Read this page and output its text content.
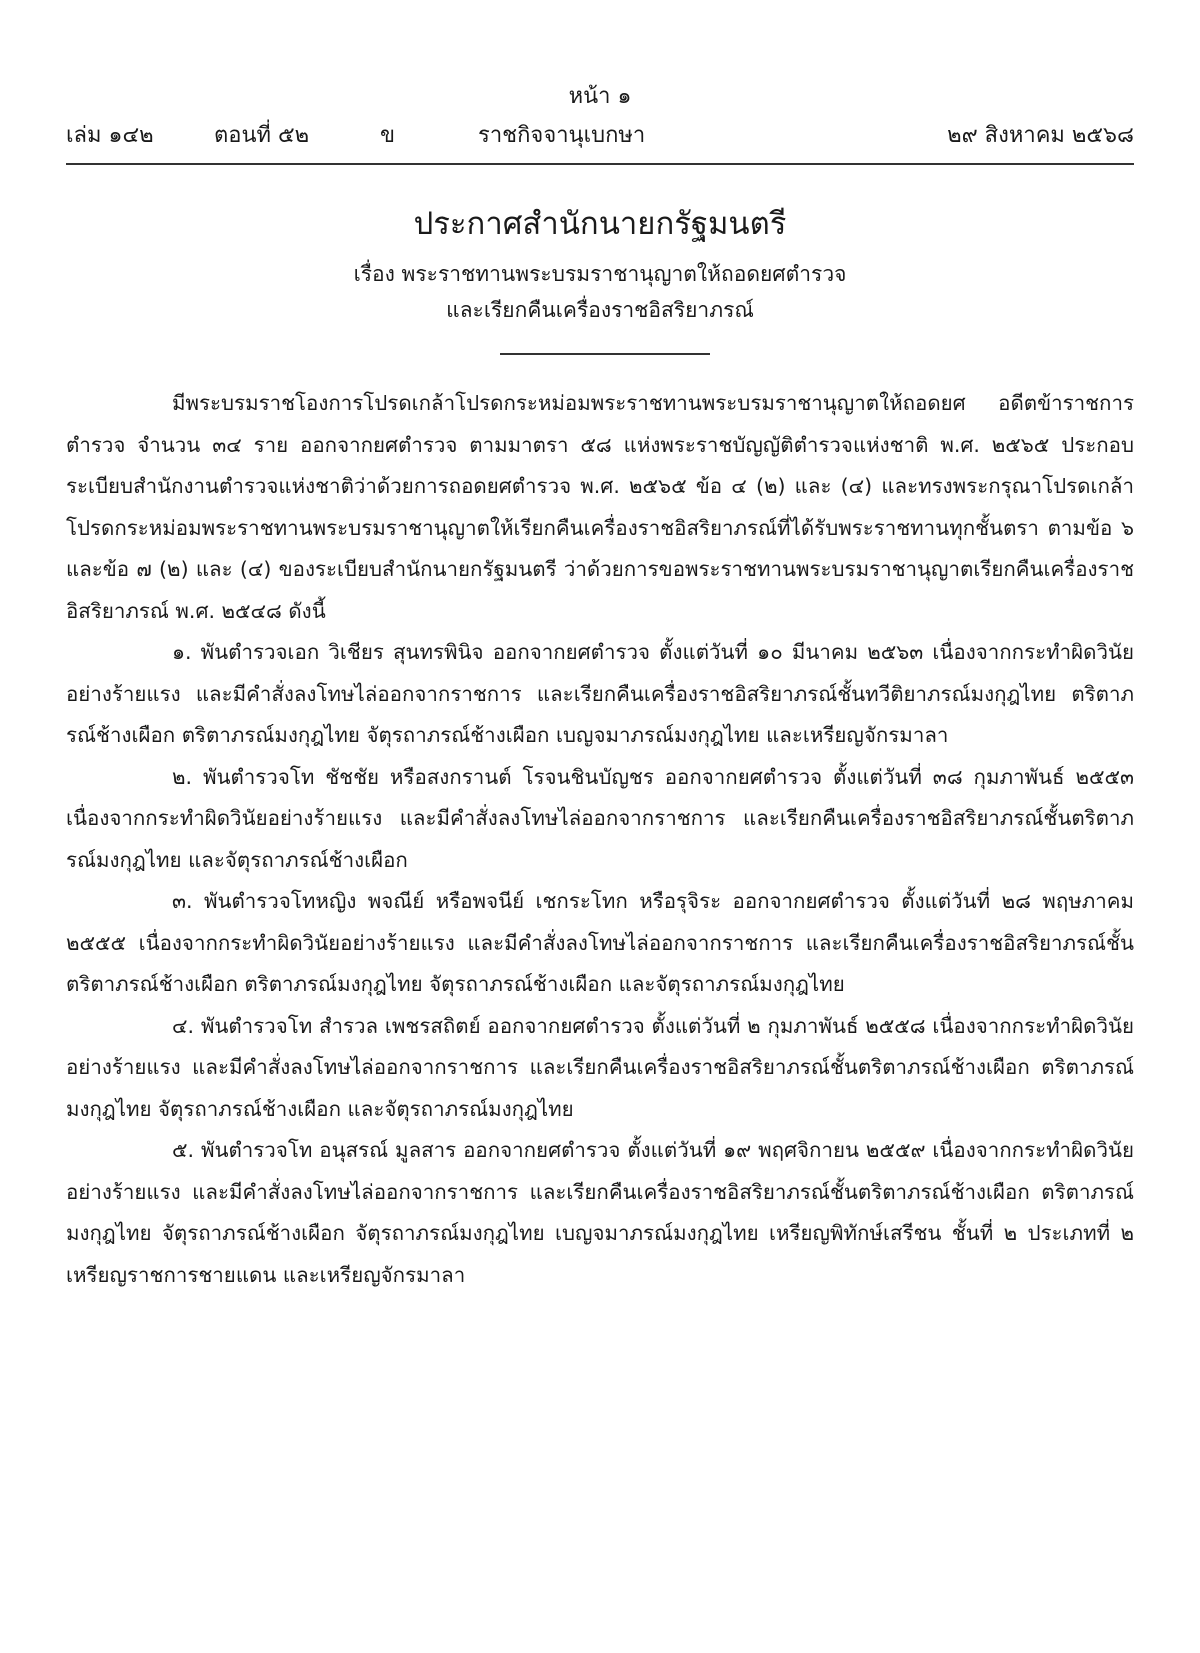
หน้า ๑
เล่ม ๑๔๒	ตอนที่ ๕๒	ข	ราชกิจจานุเบกษา	๒๙ สิงหาคม ๒๕๖๘
ประกาศสำนักนายกรัฐมนตรี
เรื่อง พระราชทานพระบรมราชานุญาตให้ถอดยศตำรวจ
และเรียกคืนเครื่องราชอิสริยาภรณ์

มีพระบรมราชโองการโปรดเกล้าโปรดกระหม่อมพระราชทานพระบรมราชานุญาตให้ถอดยศ อดีตข้าราชการตำรวจ จำนวน ๓๔ ราย ออกจากยศตำรวจ ตามมาตรา ๕๘ แห่งพระราชบัญญัติตำรวจแห่งชาติ พ.ศ. ๒๕๖๕ ประกอบระเบียบสำนักงานตำรวจแห่งชาติว่าด้วยการถอดยศตำรวจ พ.ศ. ๒๕๖๕ ข้อ ๔ (๒) และ (๔) และทรงพระกรุณาโปรดเกล้าโปรดกระหม่อมพระราชทานพระบรมราชานุญาตให้เรียกคืนเครื่องราชอิสริยาภรณ์ที่ได้รับพระราชทานทุกชั้นตรา ตามข้อ ๖ และข้อ ๗ (๒) และ (๔) ของระเบียบสำนักนายกรัฐมนตรี ว่าด้วยการขอพระราชทานพระบรมราชานุญาตเรียกคืนเครื่องราชอิสริยาภรณ์ พ.ศ. ๒๕๔๘ ดังนี้

๑. พันตำรวจเอก วิเชียร สุนทรพินิจ ออกจากยศตำรวจ ตั้งแต่วันที่ ๑๐ มีนาคม ๒๕๖๓ เนื่องจากกระทำผิดวินัยอย่างร้ายแรง และมีคำสั่งลงโทษไล่ออกจากราชการ และเรียกคืนเครื่องราชอิสริยาภรณ์ชั้นทวีติยาภรณ์มงกุฎไทย ตริตาภรณ์ช้างเผือก ตริตาภรณ์มงกุฎไทย จัตุรถาภรณ์ช้างเผือก เบญจมาภรณ์มงกุฎไทย และเหรียญจักรมาลา

๒. พันตำรวจโท ชัชชัย หรือสงกรานต์ โรจนชินบัญชร ออกจากยศตำรวจ ตั้งแต่วันที่ ๓๘ กุมภาพันธ์ ๒๕๕๓ เนื่องจากกระทำผิดวินัยอย่างร้ายแรง และมีคำสั่งลงโทษไล่ออกจากราชการ และเรียกคืนเครื่องราชอิสริยาภรณ์ชั้นตริตาภรณ์มงกุฎไทย และจัตุรถาภรณ์ช้างเผือก

๓. พันตำรวจโทหญิง พจณีย์ หรือพจนีย์ เชกระโทก หรือรุจิระ ออกจากยศตำรวจ ตั้งแต่วันที่ ๒๘ พฤษภาคม ๒๕๕๕ เนื่องจากกระทำผิดวินัยอย่างร้ายแรง และมีคำสั่งลงโทษไล่ออกจากราชการ และเรียกคืนเครื่องราชอิสริยาภรณ์ชั้นตริตาภรณ์ช้างเผือก ตริตาภรณ์มงกุฎไทย จัตุรถาภรณ์ช้างเผือก และจัตุรถาภรณ์มงกุฎไทย

๔. พันตำรวจโท สำรวล เพชรสถิตย์ ออกจากยศตำรวจ ตั้งแต่วันที่ ๒ กุมภาพันธ์ ๒๕๕๘ เนื่องจากกระทำผิดวินัยอย่างร้ายแรง และมีคำสั่งลงโทษไล่ออกจากราชการ และเรียกคืนเครื่องราชอิสริยาภรณ์ชั้นตริตาภรณ์ช้างเผือก ตริตาภรณ์มงกุฎไทย จัตุรถาภรณ์ช้างเผือก และจัตุรถาภรณ์มงกุฎไทย

๕. พันตำรวจโท อนุสรณ์ มูลสาร ออกจากยศตำรวจ ตั้งแต่วันที่ ๑๙ พฤศจิกายน ๒๕๕๙ เนื่องจากกระทำผิดวินัยอย่างร้ายแรง และมีคำสั่งลงโทษไล่ออกจากราชการ และเรียกคืนเครื่องราชอิสริยาภรณ์ชั้นตริตาภรณ์ช้างเผือก ตริตาภรณ์มงกุฎไทย จัตุรถาภรณ์ช้างเผือก จัตุรถาภรณ์มงกุฎไทย เบญจมาภรณ์มงกุฎไทย เหรียญพิทักษ์เสรีชน ชั้นที่ ๒ ประเภทที่ ๒ เหรียญราชการชายแดน และเหรียญจักรมาลา
